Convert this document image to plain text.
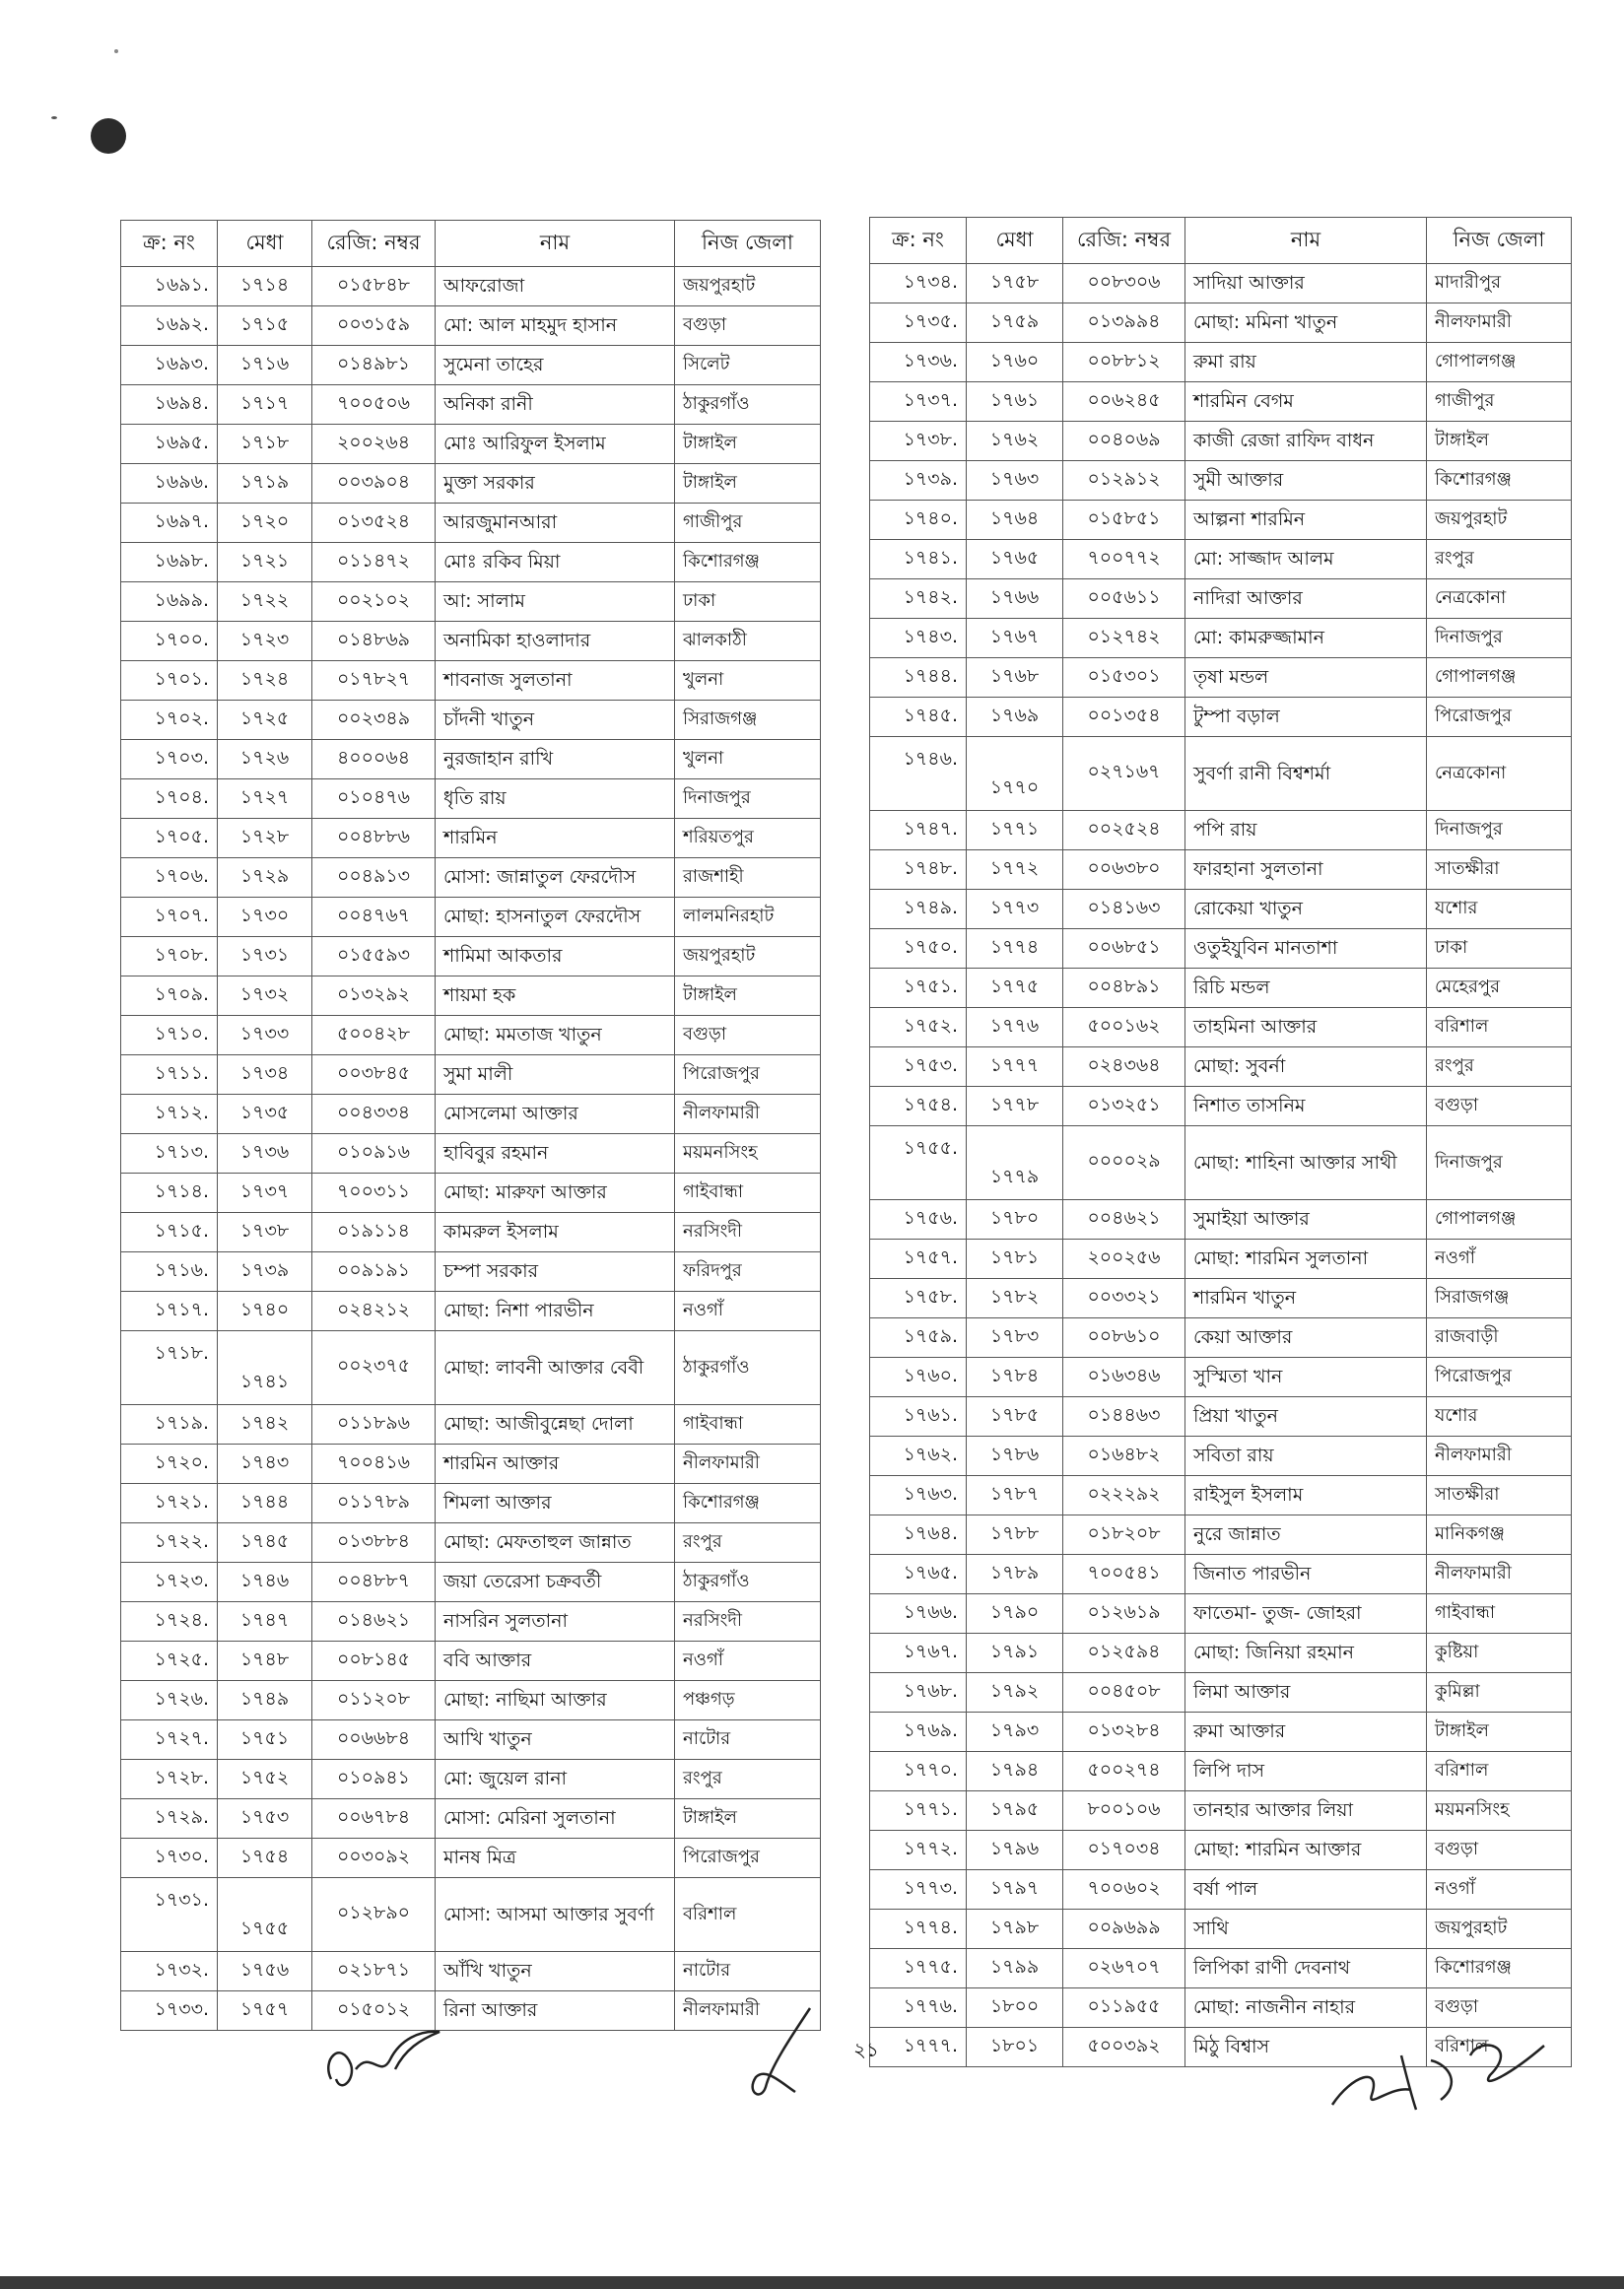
ক্র: নং	মেধা	রেজি: নম্বর	নাম	নিজ জেলা
১৬৯১.	১৭১৪	০১৫৮৪৮	আফরোজা	জয়পুরহাট
১৬৯২.	১৭১৫	০০৩১৫৯	মো: আল মাহমুদ হাসান	বগুড়া
১৬৯৩.	১৭১৬	০১৪৯৮১	সুমেনা তাহের	সিলেট
১৬৯৪.	১৭১৭	৭০০৫০৬	অনিকা রানী	ঠাকুরগাঁও
১৬৯৫.	১৭১৮	২০০২৬৪	মোঃ আরিফুল ইসলাম	টাঙ্গাইল
১৬৯৬.	১৭১৯	০০৩৯০৪	মুক্তা সরকার	টাঙ্গাইল
১৬৯৭.	১৭২০	০১৩৫২৪	আরজুমানআরা	গাজীপুর
১৬৯৮.	১৭২১	০১১৪৭২	মোঃ রকিব মিয়া	কিশোরগঞ্জ
১৬৯৯.	১৭২২	০০২১০২	আ: সালাম	ঢাকা
১৭০০.	১৭২৩	০১৪৮৬৯	অনামিকা হাওলাদার	ঝালকাঠী
১৭০১.	১৭২৪	০১৭৮২৭	শাবনাজ সুলতানা	খুলনা
১৭০২.	১৭২৫	০০২৩৪৯	চাঁদনী খাতুন	সিরাজগঞ্জ
১৭০৩.	১৭২৬	৪০০০৬৪	নুরজাহান রাখি	খুলনা
১৭০৪.	১৭২৭	০১০৪৭৬	ধৃতি রায়	দিনাজপুর
১৭০৫.	১৭২৮	০০৪৮৮৬	শারমিন	শরিয়তপুর
১৭০৬.	১৭২৯	০০৪৯১৩	মোসা: জান্নাতুল ফেরদৌস	রাজশাহী
১৭০৭.	১৭৩০	০০৪৭৬৭	মোছা: হাসনাতুল ফেরদৌস	লালমনিরহাট
১৭০৮.	১৭৩১	০১৫৫৯৩	শামিমা আকতার	জয়পুরহাট
১৭০৯.	১৭৩২	০১৩২৯২	শায়মা হক	টাঙ্গাইল
১৭১০.	১৭৩৩	৫০০৪২৮	মোছা: মমতাজ খাতুন	বগুড়া
১৭১১.	১৭৩৪	০০৩৮৪৫	সুমা মালী	পিরোজপুর
১৭১২.	১৭৩৫	০০৪৩৩৪	মোসলেমা আক্তার	নীলফামারী
১৭১৩.	১৭৩৬	০১০৯১৬	হাবিবুর রহমান	ময়মনসিংহ
১৭১৪.	১৭৩৭	৭০০৩১১	মোছা: মারুফা আক্তার	গাইবান্ধা
১৭১৫.	১৭৩৮	০১৯১১৪	কামরুল ইসলাম	নরসিংদী
১৭১৬.	১৭৩৯	০০৯১৯১	চম্পা সরকার	ফরিদপুর
১৭১৭.	১৭৪০	০২৪২১২	মোছা: নিশা পারভীন	নওগাঁ
১৭১৮.	১৭৪১	০০২৩৭৫	মোছা: লাবনী আক্তার বেবী	ঠাকুরগাঁও
১৭১৯.	১৭৪২	০১১৮৯৬	মোছা: আজীবুন্নেছা দোলা	গাইবান্ধা
১৭২০.	১৭৪৩	৭০০৪১৬	শারমিন আক্তার	নীলফামারী
১৭২১.	১৭৪৪	০১১৭৮৯	শিমলা আক্তার	কিশোরগঞ্জ
১৭২২.	১৭৪৫	০১৩৮৮৪	মোছা: মেফতাহুল জান্নাত	রংপুর
১৭২৩.	১৭৪৬	০০৪৮৮৭	জয়া তেরেসা চক্রবর্তী	ঠাকুরগাঁও
১৭২৪.	১৭৪৭	০১৪৬২১	নাসরিন সুলতানা	নরসিংদী
১৭২৫.	১৭৪৮	০০৮১৪৫	ববি আক্তার	নওগাঁ
১৭২৬.	১৭৪৯	০১১২০৮	মোছা: নাছিমা আক্তার	পঞ্চগড়
১৭২৭.	১৭৫১	০০৬৬৮৪	আখি খাতুন	নাটোর
১৭২৮.	১৭৫২	০১০৯৪১	মো: জুয়েল রানা	রংপুর
১৭২৯.	১৭৫৩	০০৬৭৮৪	মোসা: মেরিনা সুলতানা	টাঙ্গাইল
১৭৩০.	১৭৫৪	০০৩০৯২	মানষ মিত্র	পিরোজপুর
১৭৩১.	১৭৫৫	০১২৮৯০	মোসা: আসমা আক্তার সুবর্ণা	বরিশাল
১৭৩২.	১৭৫৬	০২১৮৭১	আঁখি খাতুন	নাটোর
১৭৩৩.	১৭৫৭	০১৫০১২	রিনা আক্তার	নীলফামারী
ক্র: নং	মেধা	রেজি: নম্বর	নাম	নিজ জেলা
১৭৩৪.	১৭৫৮	০০৮৩০৬	সাদিয়া আক্তার	মাদারীপুর
১৭৩৫.	১৭৫৯	০১৩৯৯৪	মোছা: মমিনা খাতুন	নীলফামারী
১৭৩৬.	১৭৬০	০০৮৮১২	রুমা রায়	গোপালগঞ্জ
১৭৩৭.	১৭৬১	০০৬২৪৫	শারমিন বেগম	গাজীপুর
১৭৩৮.	১৭৬২	০০৪০৬৯	কাজী রেজা রাফিদ বাধন	টাঙ্গাইল
১৭৩৯.	১৭৬৩	০১২৯১২	সুমী আক্তার	কিশোরগঞ্জ
১৭৪০.	১৭৬৪	০১৫৮৫১	আল্পনা শারমিন	জয়পুরহাট
১৭৪১.	১৭৬৫	৭০০৭৭২	মো: সাজ্জাদ আলম	রংপুর
১৭৪২.	১৭৬৬	০০৫৬১১	নাদিরা আক্তার	নেত্রকোনা
১৭৪৩.	১৭৬৭	০১২৭৪২	মো: কামরুজ্জামান	দিনাজপুর
১৭৪৪.	১৭৬৮	০১৫৩০১	তৃষা মন্ডল	গোপালগঞ্জ
১৭৪৫.	১৭৬৯	০০১৩৫৪	টুম্পা বড়াল	পিরোজপুর
১৭৪৬.	১৭৭০	০২৭১৬৭	সুবর্ণা রানী বিশ্বশর্মা	নেত্রকোনা
১৭৪৭.	১৭৭১	০০২৫২৪	পপি রায়	দিনাজপুর
১৭৪৮.	১৭৭২	০০৬৩৮০	ফারহানা সুলতানা	সাতক্ষীরা
১৭৪৯.	১৭৭৩	০১৪১৬৩	রোকেয়া খাতুন	যশোর
১৭৫০.	১৭৭৪	০০৬৮৫১	ওতুইযুবিন মানতাশা	ঢাকা
১৭৫১.	১৭৭৫	০০৪৮৯১	রিচি মন্ডল	মেহেরপুর
১৭৫২.	১৭৭৬	৫০০১৬২	তাহমিনা আক্তার	বরিশাল
১৭৫৩.	১৭৭৭	০২৪৩৬৪	মোছা: সুবর্না	রংপুর
১৭৫৪.	১৭৭৮	০১৩২৫১	নিশাত তাসনিম	বগুড়া
১৭৫৫.	১৭৭৯	০০০০২৯	মোছা: শাহিনা আক্তার সাথী	দিনাজপুর
১৭৫৬.	১৭৮০	০০৪৬২১	সুমাইয়া আক্তার	গোপালগঞ্জ
১৭৫৭.	১৭৮১	২০০২৫৬	মোছা: শারমিন সুলতানা	নওগাঁ
১৭৫৮.	১৭৮২	০০৩৩২১	শারমিন খাতুন	সিরাজগঞ্জ
১৭৫৯.	১৭৮৩	০০৮৬১০	কেয়া আক্তার	রাজবাড়ী
১৭৬০.	১৭৮৪	০১৬৩৪৬	সুস্মিতা খান	পিরোজপুর
১৭৬১.	১৭৮৫	০১৪৪৬৩	প্রিয়া খাতুন	যশোর
১৭৬২.	১৭৮৬	০১৬৪৮২	সবিতা রায়	নীলফামারী
১৭৬৩.	১৭৮৭	০২২২৯২	রাইসুল ইসলাম	সাতক্ষীরা
১৭৬৪.	১৭৮৮	০১৮২০৮	নুরে জান্নাত	মানিকগঞ্জ
১৭৬৫.	১৭৮৯	৭০০৫৪১	জিনাত পারভীন	নীলফামারী
১৭৬৬.	১৭৯০	০১২৬১৯	ফাতেমা- তুজ- জোহরা	গাইবান্ধা
১৭৬৭.	১৭৯১	০১২৫৯৪	মোছা: জিনিয়া রহমান	কুষ্টিয়া
১৭৬৮.	১৭৯২	০০৪৫০৮	লিমা আক্তার	কুমিল্লা
১৭৬৯.	১৭৯৩	০১৩২৮৪	রুমা আক্তার	টাঙ্গাইল
১৭৭০.	১৭৯৪	৫০০২৭৪	লিপি দাস	বরিশাল
১৭৭১.	১৭৯৫	৮০০১০৬	তানহার আক্তার লিয়া	ময়মনসিংহ
১৭৭২.	১৭৯৬	০১৭০৩৪	মোছা: শারমিন আক্তার	বগুড়া
১৭৭৩.	১৭৯৭	৭০০৬০২	বর্ষা পাল	নওগাঁ
১৭৭৪.	১৭৯৮	০০৯৬৯৯	সাথি	জয়পুরহাট
১৭৭৫.	১৭৯৯	০২৬৭০৭	লিপিকা রাণী দেবনাথ	কিশোরগঞ্জ
১৭৭৬.	১৮০০	০১১৯৫৫	মোছা: নাজনীন নাহার	বগুড়া
১৭৭৭.	১৮০১	৫০০৩৯২	মিঠু বিশ্বাস	বরিশাল
২১
